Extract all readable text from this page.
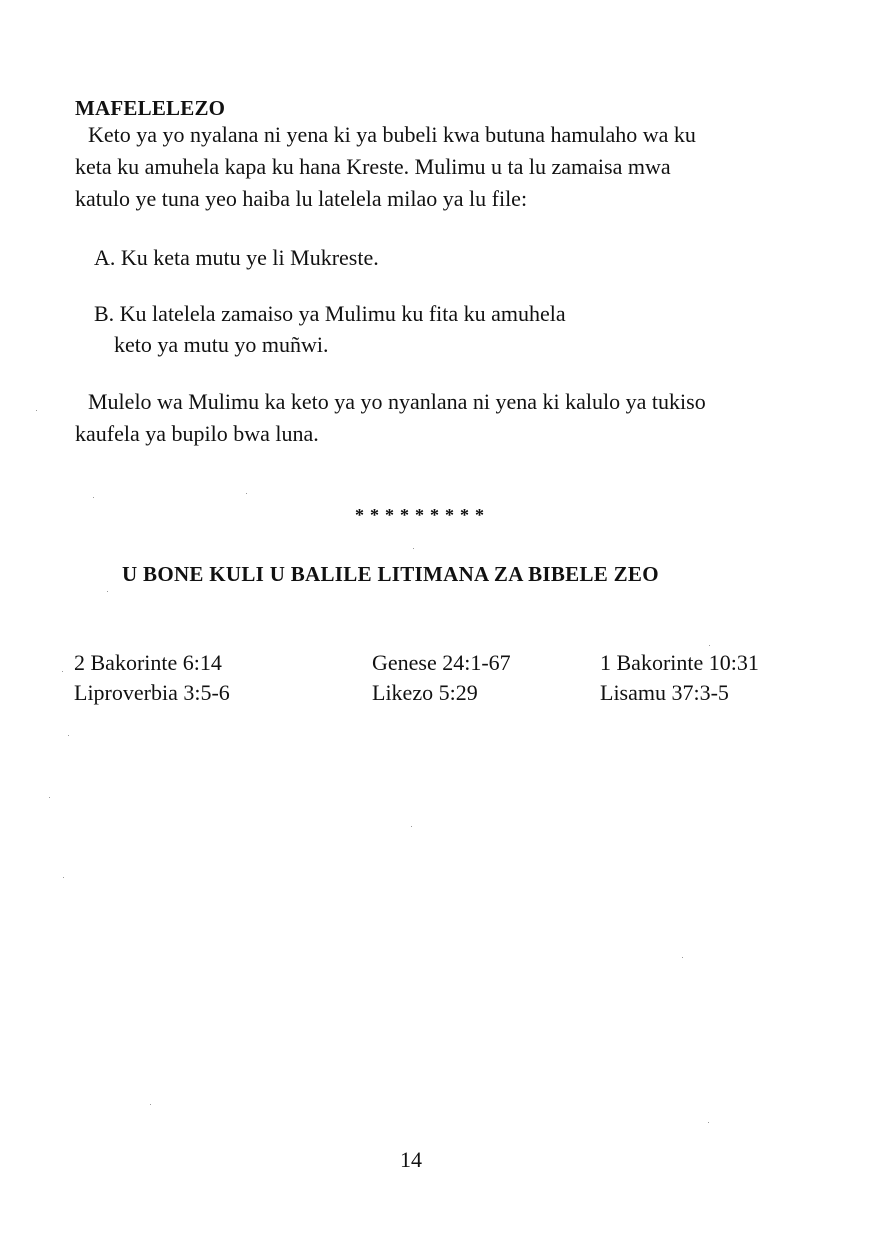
MAFELELEZO
Keto ya yo nyalana ni yena ki ya bubeli kwa butuna hamulaho wa ku
keta ku amuhela kapa ku hana Kreste. Mulimu u ta lu zamaisa mwa
katulo ye tuna yeo haiba lu latelela milao ya lu file:
A. Ku keta mutu ye li Mukreste.
B. Ku latelela zamaiso ya Mulimu ku fita ku amuhela
keto ya mutu yo muñwi.
Mulelo wa Mulimu ka keto ya yo nyanlana ni yena ki kalulo ya tukiso
kaufela ya bupilo bwa luna.
*********
U BONE KULI U BALILE LITIMANA ZA BIBELE ZEO
2 Bakorinte 6:14
Liproverbia 3:5-6
Genese 24:1-67
Likezo 5:29
1 Bakorinte 10:31
Lisamu 37:3-5
14
